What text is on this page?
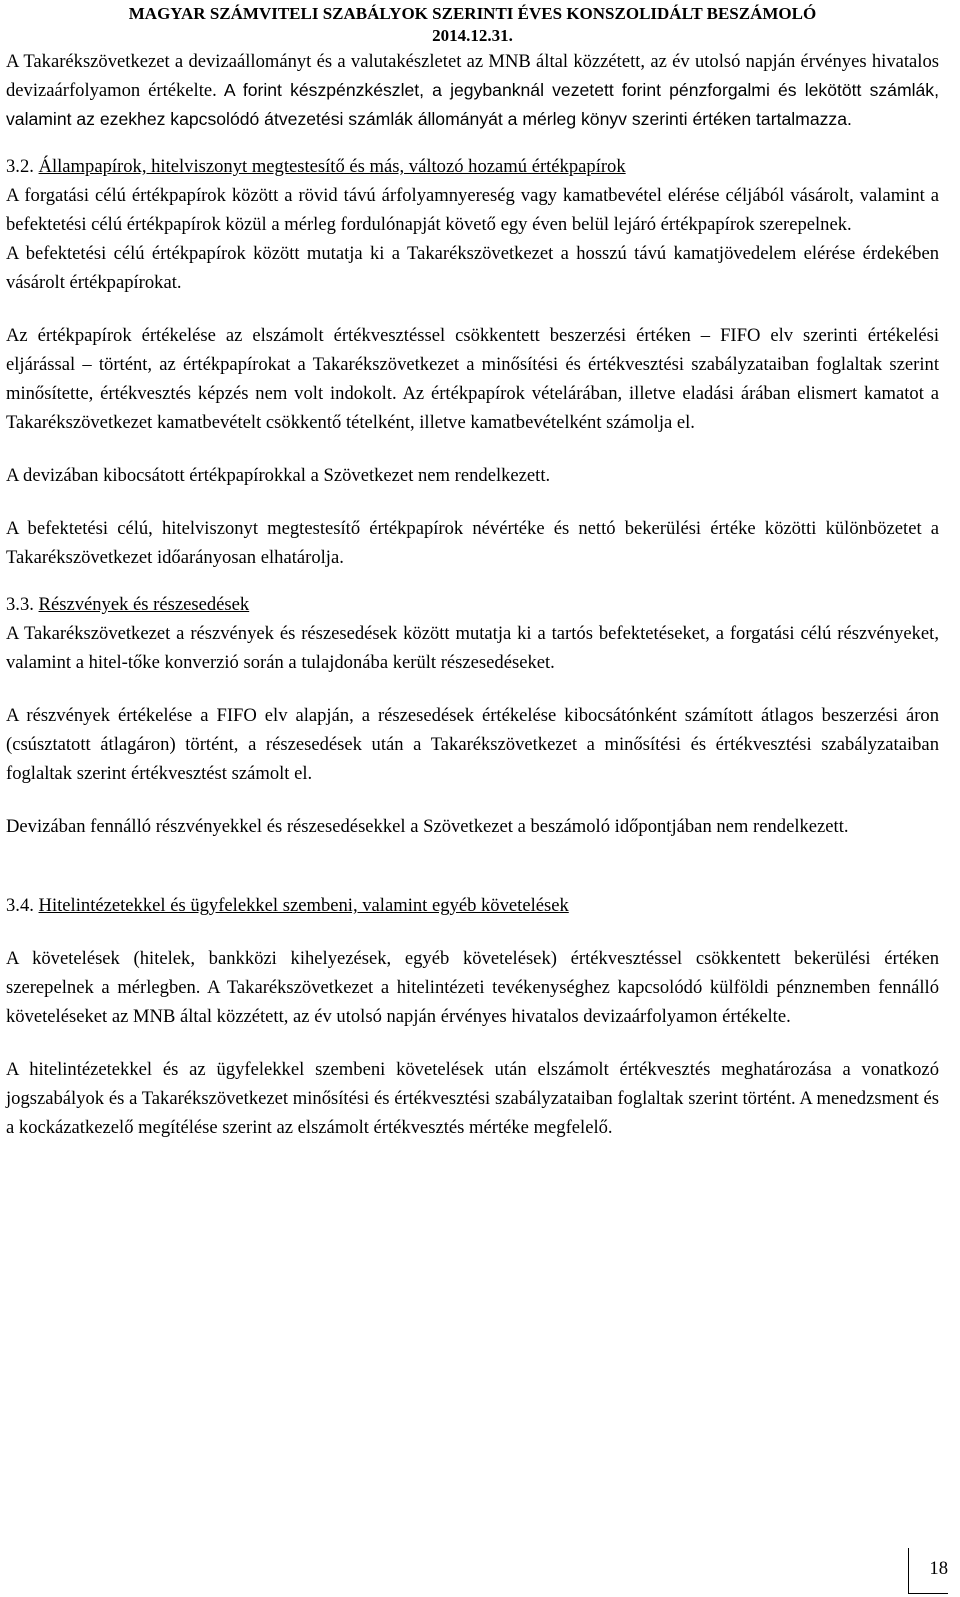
MAGYAR SZÁMVITELI SZABÁLYOK SZERINTI ÉVES KONSZOLIDÁLT BESZÁMOLÓ
2014.12.31.

A Takarékszövetkezet a devizaállományt és a valutakészletet az MNB által közzétett, az év utolsó napján érvényes hivatalos devizaárfolyamon értékelte. A forint készpénzkészlet, a jegybanknál vezetett forint pénzforgalmi és lekötött számlák, valamint az ezekhez kapcsolódó átvezetési számlák állományát a mérleg könyv szerinti értéken tartalmazza.

3.2. Állampapírok, hitelviszonyt megtestesítő és más, változó hozamú értékpapírok

A forgatási célú értékpapírok között a rövid távú árfolyamnyereség vagy kamatbevétel elérése céljából vásárolt, valamint a befektetési célú értékpapírok közül a mérleg fordulónapját követő egy éven belül lejáró értékpapírok szerepelnek.

A befektetési célú értékpapírok között mutatja ki a Takarékszövetkezet a hosszú távú kamatjövedelem elérése érdekében vásárolt értékpapírokat.

Az értékpapírok értékelése az elszámolt értékvesztéssel csökkentett beszerzési értéken – FIFO elv szerinti értékelési eljárással – történt, az értékpapírokat a Takarékszövetkezet a minősítési és értékvesztési szabályzataiban foglaltak szerint minősítette, értékvesztés képzés nem volt indokolt. Az értékpapírok vételárában, illetve eladási árában elismert kamatot a Takarékszövetkezet kamatbevételt csökkentő tételként, illetve kamatbevételként számolja el.

A devizában kibocsátott értékpapírokkal a Szövetkezet nem rendelkezett.

A befektetési célú, hitelviszonyt megtestesítő értékpapírok névértéke és nettó bekerülési értéke közötti különbözetet a Takarékszövetkezet időarányosan elhatárolja.

3.3. Részvények és részesedések

A Takarékszövetkezet a részvények és részesedések között mutatja ki a tartós befektetéseket, a forgatási célú részvényeket, valamint a hitel-tőke konverzió során a tulajdonába került részesedéseket.

A részvények értékelése a FIFO elv alapján, a részesedések értékelése kibocsátónként számított átlagos beszerzési áron (csúsztatott átlagáron) történt, a részesedések után a Takarékszövetkezet a minősítési és értékvesztési szabályzataiban foglaltak szerint értékvesztést számolt el.

Devizában fennálló részvényekkel és részesedésekkel a Szövetkezet a beszámoló időpontjában nem rendelkezett.

3.4. Hitelintézetekkel és ügyfelekkel szembeni, valamint egyéb követelések

A követelések (hitelek, bankközi kihelyezések, egyéb követelések) értékvesztéssel csökkentett bekerülési értéken szerepelnek a mérlegben. A Takarékszövetkezet a hitelintézeti tevékenységhez kapcsolódó külföldi pénznemben fennálló követeléseket az MNB által közzétett, az év utolsó napján érvényes hivatalos devizaárfolyamon értékelte.

A hitelintézetekkel és az ügyfelekkel szembeni követelések után elszámolt értékvesztés meghatározása a vonatkozó jogszabályok és a Takarékszövetkezet minősítési és értékvesztési szabályzataiban foglaltak szerint történt. A menedzsment és a kockázatkezelő megítélése szerint az elszámolt értékvesztés mértéke megfelelő.

18
